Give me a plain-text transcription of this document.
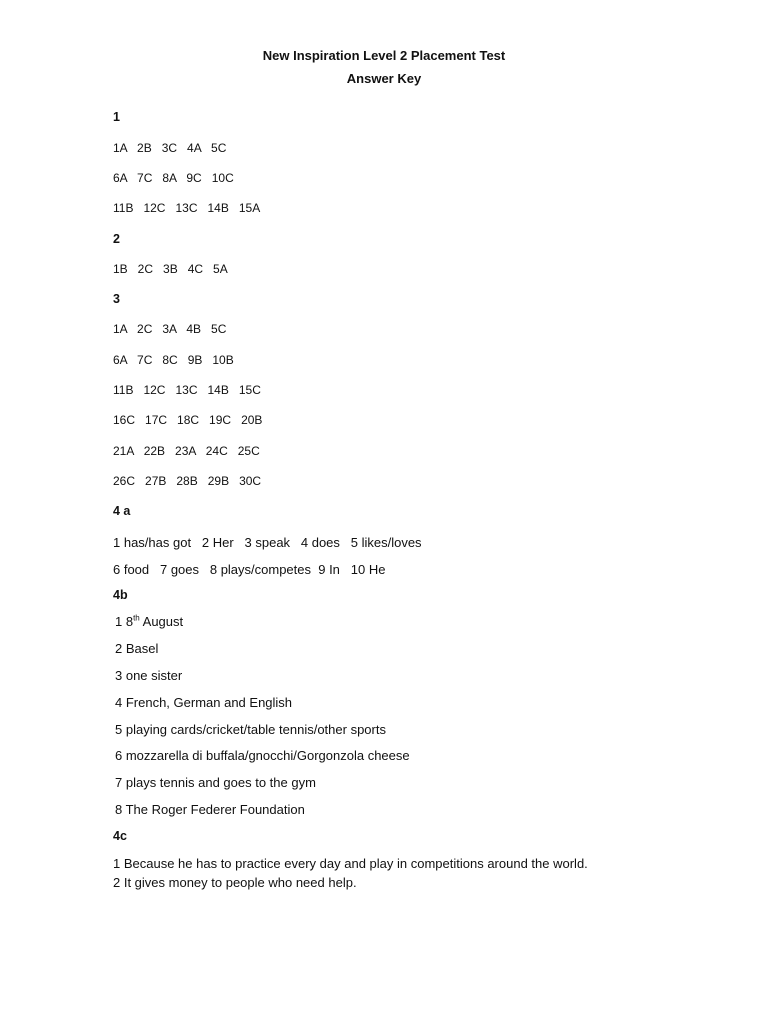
New Inspiration Level 2 Placement Test
Answer Key
1
1A   2B   3C   4A   5C
6A   7C   8A   9C   10C
11B   12C   13C   14B   15A
2
1B   2C   3B   4C   5A
3
1A   2C   3A   4B   5C
6A   7C   8C   9B   10B
11B   12C   13C   14B   15C
16C   17C   18C   19C   20B
21A   22B   23A   24C   25C
26C   27B   28B   29B   30C
4 a
1 has/has got   2 Her   3 speak   4 does   5 likes/loves
6 food   7 goes   8 plays/competes  9 In   10 He
4b
1 8th August
2 Basel
3 one sister
4 French, German and English
5 playing cards/cricket/table tennis/other sports
6 mozzarella di buffala/gnocchi/Gorgonzola cheese
7 plays tennis and goes to the gym
8 The Roger Federer Foundation
4c
1 Because he has to practice every day and play in competitions around the world.
2 It gives money to people who need help.
